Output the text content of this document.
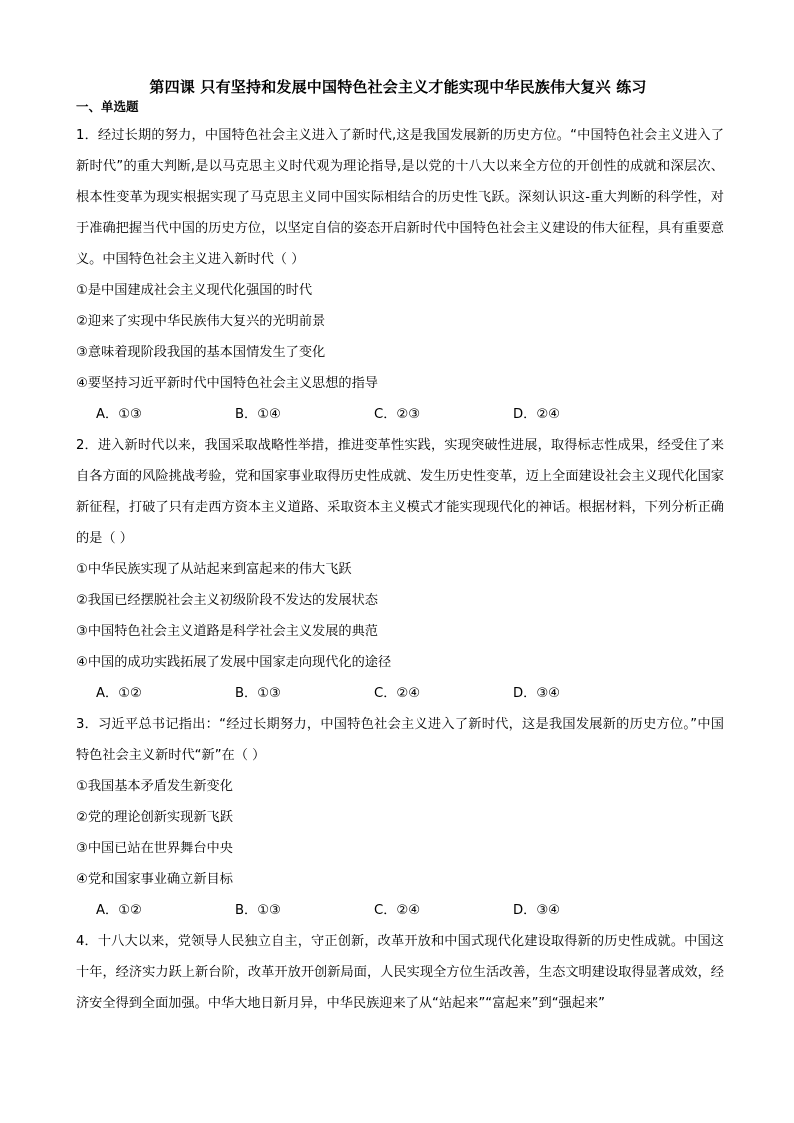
第四课 只有坚持和发展中国特色社会主义才能实现中华民族伟大复兴 练习
一、单选题

1．经过长期的努力，中国特色社会主义进入了新时代,这是我国发展新的历史方位。“中国特色社会主义进入了新时代”的重大判断,是以马克思主义时代观为理论指导,是以党的十八大以来全方位的开创性的成就和深层次、根本性变革为现实根据实现了马克思主义同中国实际相结合的历史性飞跃。深刻认识这-重大判断的科学性，对于准确把握当代中国的历史方位，以坚定自信的姿态开启新时代中国特色社会主义建设的伟大征程，具有重要意义。中国特色社会主义进入新时代（ ）

①是中国建成社会主义现代化强国的时代

②迎来了实现中华民族伟大复兴的光明前景

③意味着现阶段我国的基本国情发生了变化

④要坚持习近平新时代中国特色社会主义思想的指导

A．①③	B．①④	C．②③	D．②④

2．进入新时代以来，我国采取战略性举措，推进变革性实践，实现突破性进展，取得标志性成果，经受住了来自各方面的风险挑战考验，党和国家事业取得历史性成就、发生历史性变革，迈上全面建设社会主义现代化国家新征程，打破了只有走西方资本主义道路、采取资本主义模式才能实现现代化的神话。根据材料，下列分析正确的是（ ）

①中华民族实现了从站起来到富起来的伟大飞跃

②我国已经摆脱社会主义初级阶段不发达的发展状态

③中国特色社会主义道路是科学社会主义发展的典范

④中国的成功实践拓展了发展中国家走向现代化的途径

A．①②	B．①③	C．②④	D．③④

3．习近平总书记指出：“经过长期努力，中国特色社会主义进入了新时代，这是我国发展新的历史方位。”中国特色社会主义新时代“新”在（ ）

①我国基本矛盾发生新变化

②党的理论创新实现新飞跃

③中国已站在世界舞台中央

④党和国家事业确立新目标

A．①②	B．①③	C．②④	D．③④

4．十八大以来，党领导人民独立自主，守正创新，改革开放和中国式现代化建设取得新的历史性成就。中国这十年，经济实力跃上新台阶，改革开放开创新局面，人民实现全方位生活改善，生态文明建设取得显著成效，经济安全得到全面加强。中华大地日新月异，中华民族迎来了从“站起来”“富起来”到“强起来”
